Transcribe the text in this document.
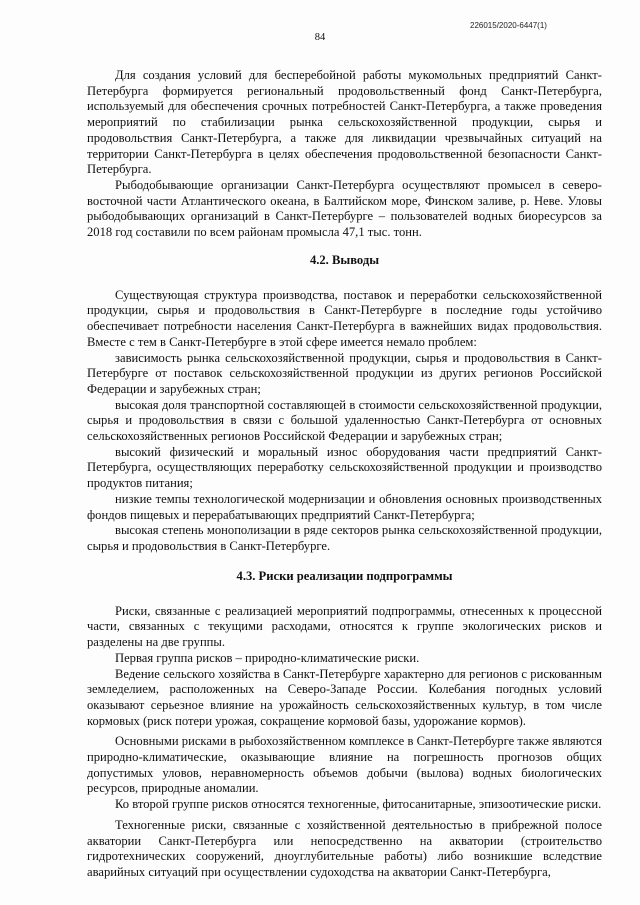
226015/2020-6447(1)
84

Для создания условий для бесперебойной работы мукомольных предприятий Санкт-Петербурга формируется региональный продовольственный фонд Санкт-Петербурга, используемый для обеспечения срочных потребностей Санкт-Петербурга, а также проведения мероприятий по стабилизации рынка сельскохозяйственной продукции, сырья и продовольствия Санкт-Петербурга, а также для ликвидации чрезвычайных ситуаций на территории Санкт-Петербурга в целях обеспечения продовольственной безопасности Санкт-Петербурга.

Рыбодобывающие организации Санкт-Петербурга осуществляют промысел в северо-восточной части Атлантического океана, в Балтийском море, Финском заливе, р. Неве. Уловы рыбодобывающих организаций в Санкт-Петербурге – пользователей водных биоресурсов за 2018 год составили по всем районам промысла 47,1 тыс. тонн.

4.2. Выводы

Существующая структура производства, поставок и переработки сельскохозяйственной продукции, сырья и продовольствия в Санкт-Петербурге в последние годы устойчиво обеспечивает потребности населения Санкт-Петербурга в важнейших видах продовольствия. Вместе с тем в Санкт-Петербурге в этой сфере имеется немало проблем:

зависимость рынка сельскохозяйственной продукции, сырья и продовольствия в Санкт-Петербурге от поставок сельскохозяйственной продукции из других регионов Российской Федерации и зарубежных стран;

высокая доля транспортной составляющей в стоимости сельскохозяйственной продукции, сырья и продовольствия в связи с большой удаленностью Санкт-Петербурга от основных сельскохозяйственных регионов Российской Федерации и зарубежных стран;

высокий физический и моральный износ оборудования части предприятий Санкт-Петербурга, осуществляющих переработку сельскохозяйственной продукции и производство продуктов питания;

низкие темпы технологической модернизации и обновления основных производственных фондов пищевых и перерабатывающих предприятий Санкт-Петербурга;

высокая степень монополизации в ряде секторов рынка сельскохозяйственной продукции, сырья и продовольствия в Санкт-Петербурге.

4.3. Риски реализации подпрограммы

Риски, связанные с реализацией мероприятий подпрограммы, отнесенных к процессной части, связанных с текущими расходами, относятся к группе экологических рисков и разделены на две группы.

Первая группа рисков – природно-климатические риски.

Ведение сельского хозяйства в Санкт-Петербурге характерно для регионов с рискованным земледелием, расположенных на Северо-Западе России. Колебания погодных условий оказывают серьезное влияние на урожайность сельскохозяйственных культур, в том числе кормовых (риск потери урожая, сокращение кормовой базы, удорожание кормов).

Основными рисками в рыбохозяйственном комплексе в Санкт-Петербурге также являются природно-климатические, оказывающие влияние на погрешность прогнозов общих допустимых уловов, неравномерность объемов добычи (вылова) водных биологических ресурсов, природные аномалии.

Ко второй группе рисков относятся техногенные, фитосанитарные, эпизоотические риски.

Техногенные риски, связанные с хозяйственной деятельностью в прибрежной полосе акватории Санкт-Петербурга или непосредственно на акватории (строительство гидротехнических сооружений, дноуглубительные работы) либо возникшие вследствие аварийных ситуаций при осуществлении судоходства на акватории Санкт-Петербурга,
